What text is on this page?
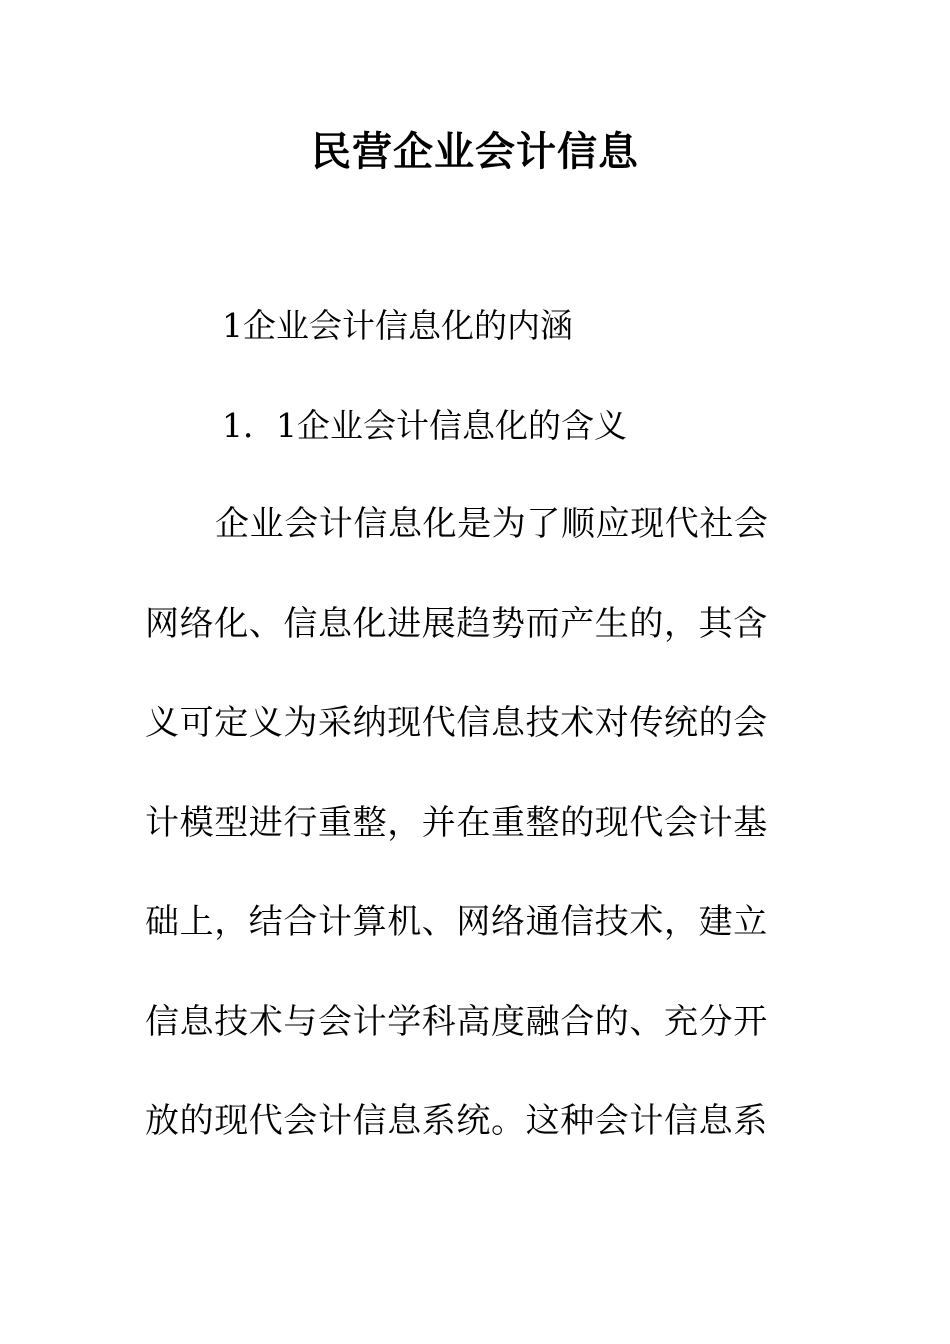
民营企业会计信息

1企业会计信息化的内涵

1．1企业会计信息化的含义

企业会计信息化是为了顺应现代社会
网络化、信息化进展趋势而产生的，其含
义可定义为采纳现代信息技术对传统的会
计模型进行重整，并在重整的现代会计基
础上，结合计算机、网络通信技术，建立
信息技术与会计学科高度融合的、充分开
放的现代会计信息系统。这种会计信息系
